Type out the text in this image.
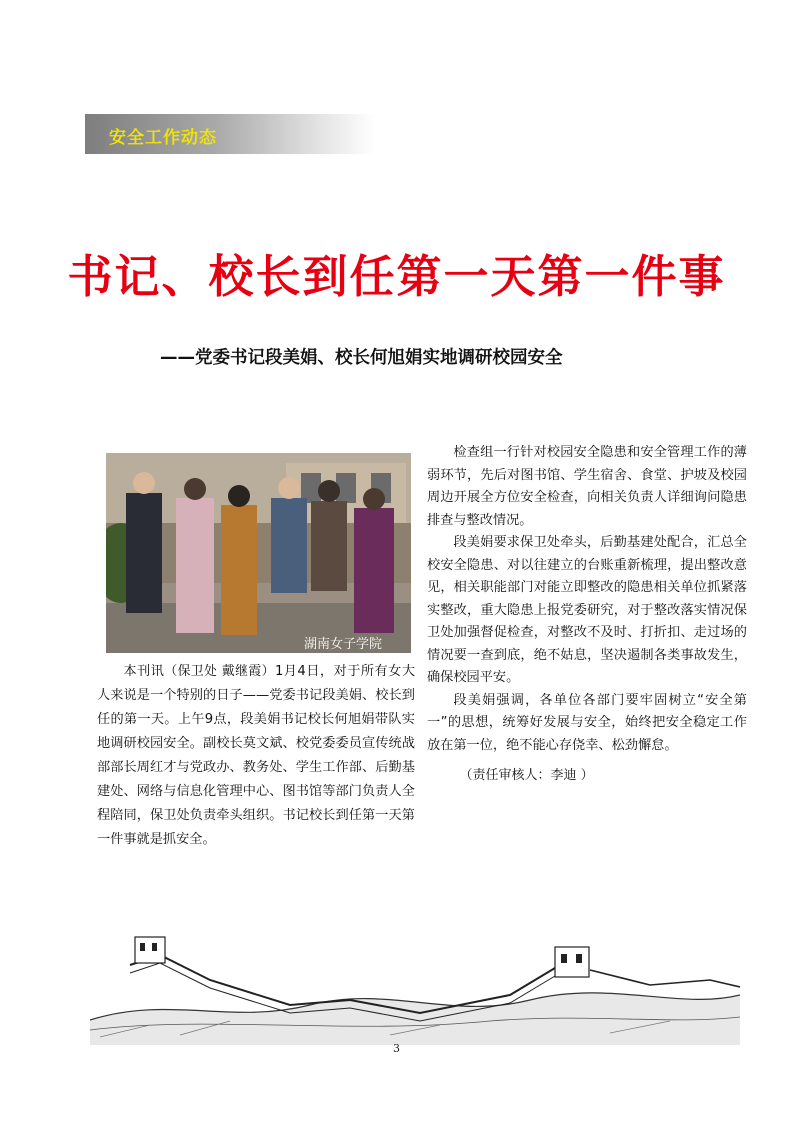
安全工作动态
书记、校长到任第一天第一件事
——党委书记段美娟、校长何旭娟实地调研校园安全
湖南女子学院

本刊讯（保卫处 戴继霞）1月4日，对于所有女大人来说是一个特别的日子——党委书记段美娟、校长到任的第一天。上午9点，段美娟书记校长何旭娟带队实地调研校园安全。副校长莫文斌、校党委委员宣传统战部部长周红才与党政办、教务处、学生工作部、后勤基建处、网络与信息化管理中心、图书馆等部门负责人全程陪同，保卫处负责牵头组织。书记校长到任第一天第一件事就是抓安全。

检查组一行针对校园安全隐患和安全管理工作的薄弱环节，先后对图书馆、学生宿舍、食堂、护坡及校园周边开展全方位安全检查，向相关负责人详细询问隐患排查与整改情况。

段美娟要求保卫处牵头，后勤基建处配合，汇总全校安全隐患、对以往建立的台账重新梳理，提出整改意见，相关职能部门对能立即整改的隐患相关单位抓紧落实整改，重大隐患上报党委研究，对于整改落实情况保卫处加强督促检查，对整改不及时、打折扣、走过场的情况要一查到底，绝不姑息，坚决遏制各类事故发生，确保校园平安。

段美娟强调，各单位各部门要牢固树立“安全第一”的思想，统筹好发展与安全，始终把安全稳定工作放在第一位，绝不能心存侥幸、松劲懈怠。

（责任审核人：李迪 ）

3
